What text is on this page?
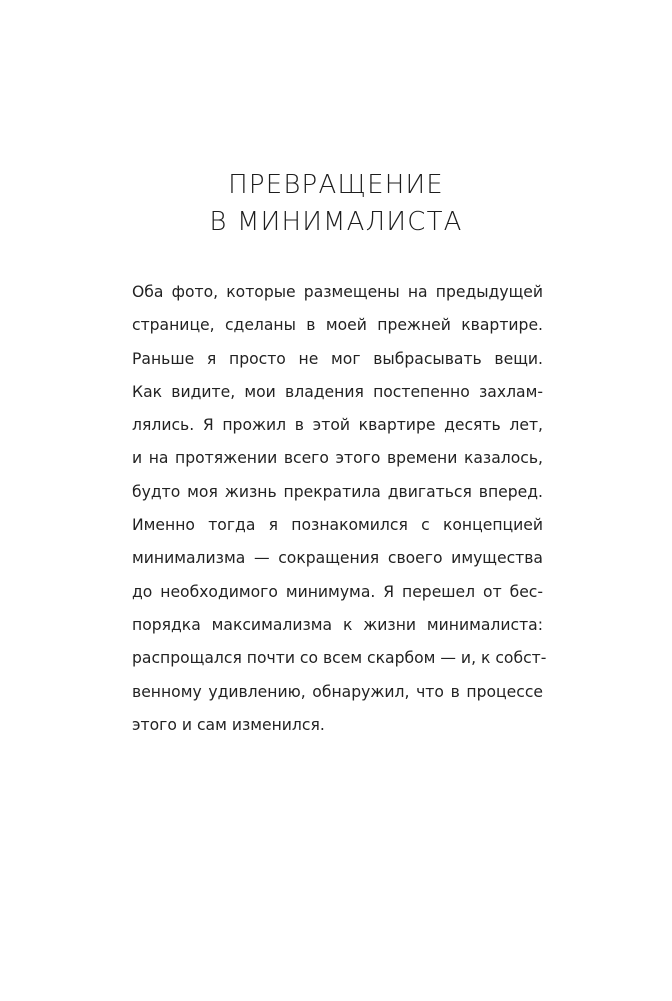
ПРЕВРАЩЕНИЕ
В МИНИМАЛИСТА
Оба фото, которые размещены на предыдущей
странице, сделаны в моей прежней квартире.
Раньше я просто не мог выбрасывать вещи.
Как видите, мои владения постепенно захлам-
лялись. Я прожил в этой квартире десять лет,
и на протяжении всего этого времени казалось,
будто моя жизнь прекратила двигаться вперед.
Именно тогда я познакомился с концепцией
минимализма — сокращения своего имущества
до необходимого минимума. Я перешел от бес-
порядка максимализма к жизни минималиста:
распрощался почти со всем скарбом — и, к собст-
венному удивлению, обнаружил, что в процессе
этого и сам изменился.
